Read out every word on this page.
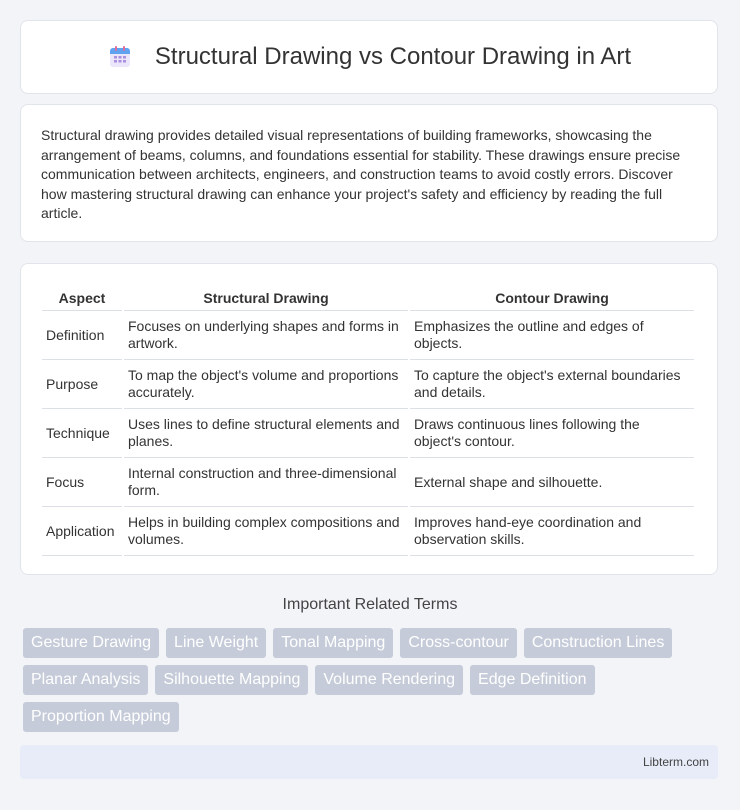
Structural Drawing vs Contour Drawing in Art

Structural drawing provides detailed visual representations of building frameworks, showcasing the arrangement of beams, columns, and foundations essential for stability. These drawings ensure precise communication between architects, engineers, and construction teams to avoid costly errors. Discover how mastering structural drawing can enhance your project's safety and efficiency by reading the full article.

Aspect	Structural Drawing	Contour Drawing
Definition	Focuses on underlying shapes and forms in artwork.	Emphasizes the outline and edges of objects.
Purpose	To map the object's volume and proportions accurately.	To capture the object's external boundaries and details.
Technique	Uses lines to define structural elements and planes.	Draws continuous lines following the object's contour.
Focus	Internal construction and three-dimensional form.	External shape and silhouette.
Application	Helps in building complex compositions and volumes.	Improves hand-eye coordination and observation skills.
Important Related Terms
Gesture Drawing	Line Weight	Tonal Mapping	Cross-contour	Construction Lines
Planar Analysis	Silhouette Mapping	Volume Rendering	Edge Definition
Proportion Mapping
Libterm.com
